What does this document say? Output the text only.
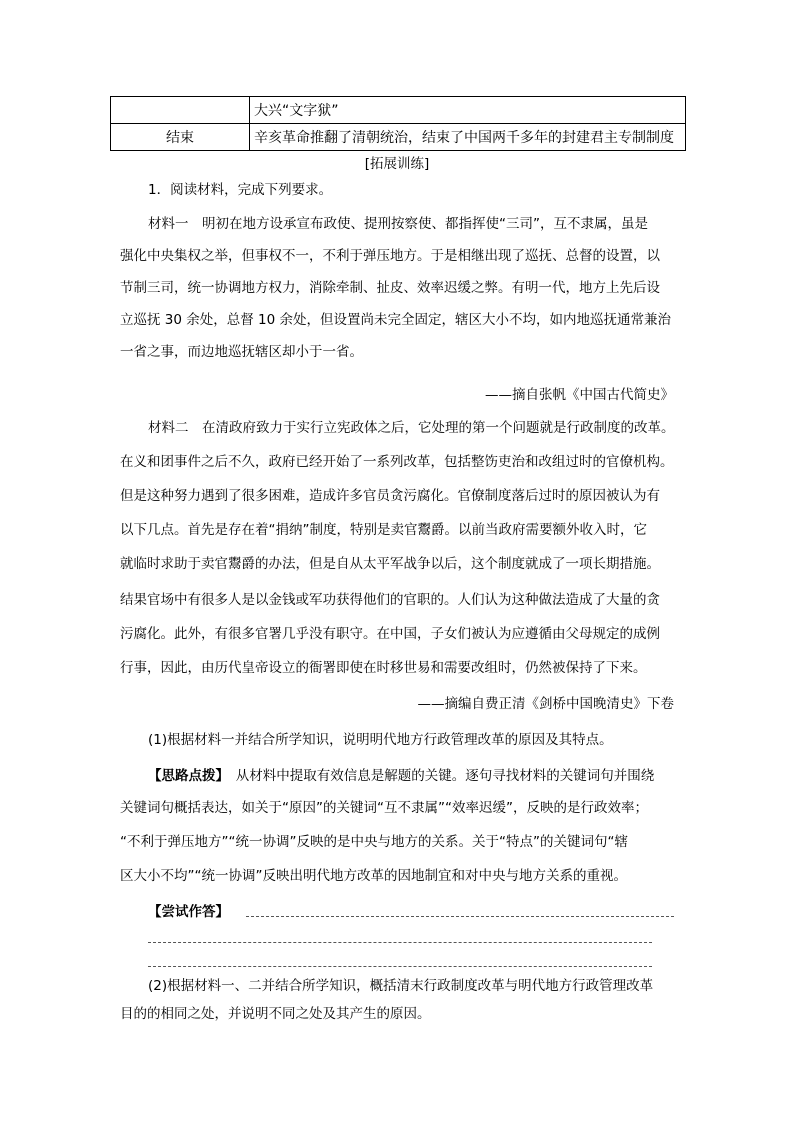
	大兴“文字狱”
结束	辛亥革命推翻了清朝统治，结束了中国两千多年的封建君主专制制度
[拓展训练]
1．阅读材料，完成下列要求。
材料一　明初在地方设承宣布政使、提刑按察使、都指挥使“三司”，互不隶属，虽是
强化中央集权之举，但事权不一，不利于弹压地方。于是相继出现了巡抚、总督的设置，以
节制三司，统一协调地方权力，消除牵制、扯皮、效率迟缓之弊。有明一代，地方上先后设
立巡抚 30 余处，总督 10 余处，但设置尚未完全固定，辖区大小不均，如内地巡抚通常兼治
一省之事，而边地巡抚辖区却小于一省。
——摘自张帆《中国古代简史》
材料二　在清政府致力于实行立宪政体之后，它处理的第一个问题就是行政制度的改革。
在义和团事件之后不久，政府已经开始了一系列改革，包括整饬吏治和改组过时的官僚机构。
但是这种努力遇到了很多困难，造成许多官员贪污腐化。官僚制度落后过时的原因被认为有
以下几点。首先是存在着“捐纳”制度，特别是卖官鬻爵。以前当政府需要额外收入时，它
就临时求助于卖官鬻爵的办法，但是自从太平军战争以后，这个制度就成了一项长期措施。
结果官场中有很多人是以金钱或军功获得他们的官职的。人们认为这种做法造成了大量的贪
污腐化。此外，有很多官署几乎没有职守。在中国，子女们被认为应遵循由父母规定的成例
行事，因此，由历代皇帝设立的衙署即使在时移世易和需要改组时，仍然被保持了下来。
——摘编自费正清《剑桥中国晚清史》下卷
(1)根据材料一并结合所学知识，说明明代地方行政管理改革的原因及其特点。
【思路点拨】　从材料中提取有效信息是解题的关键。逐句寻找材料的关键词句并围绕
关键词句概括表达，如关于“原因”的关键词“互不隶属”“效率迟缓”，反映的是行政效率；
“不利于弹压地方”“统一协调”反映的是中央与地方的关系。关于“特点”的关键词句“辖
区大小不均”“统一协调”反映出明代地方改革的因地制宜和对中央与地方关系的重视。
【尝试作答】
(2)根据材料一、二并结合所学知识，概括清末行政制度改革与明代地方行政管理改革
目的的相同之处，并说明不同之处及其产生的原因。
